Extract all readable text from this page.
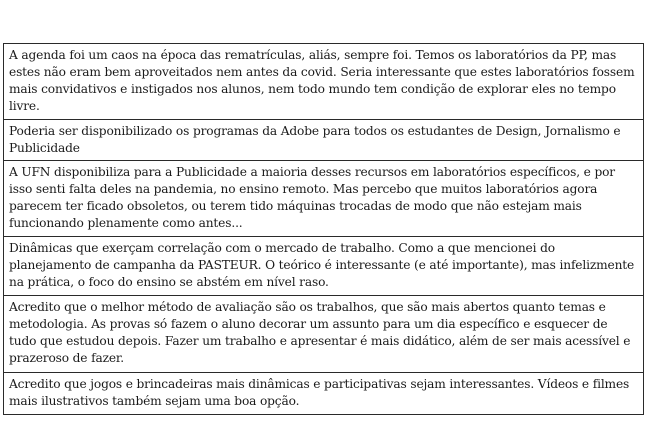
A agenda foi um caos na época das rematrículas, aliás, sempre foi. Temos os laboratórios da PP, mas estes não eram bem aproveitados nem antes da covid. Seria interessante que estes laboratórios fossem mais convidativos e instigados nos alunos, nem todo mundo tem condição de explorar eles no tempo livre.
Poderia ser disponibilizado os programas da Adobe para todos os estudantes de Design, Jornalismo e Publicidade
A UFN disponibiliza para a Publicidade a maioria desses recursos em laboratórios específicos, e por isso senti falta deles na pandemia, no ensino remoto. Mas percebo que muitos laboratórios agora parecem ter ficado obsoletos, ou terem tido máquinas trocadas de modo que não estejam mais funcionando plenamente como antes...
Dinâmicas que exerçam correlação com o mercado de trabalho. Como a que mencionei do planejamento de campanha da PASTEUR. O teórico é interessante (e até importante), mas infelizmente na prática, o foco do ensino se abstém em nível raso.
Acredito que o melhor método de avaliação são os trabalhos, que são mais abertos quanto temas e metodologia. As provas só fazem o aluno decorar um assunto para um dia específico e esquecer de tudo que estudou depois. Fazer um trabalho e apresentar é mais didático, além de ser mais acessível e prazeroso de fazer.
Acredito que jogos e brincadeiras mais dinâmicas e participativas sejam interessantes. Vídeos e filmes mais ilustrativos também sejam uma boa opção.
